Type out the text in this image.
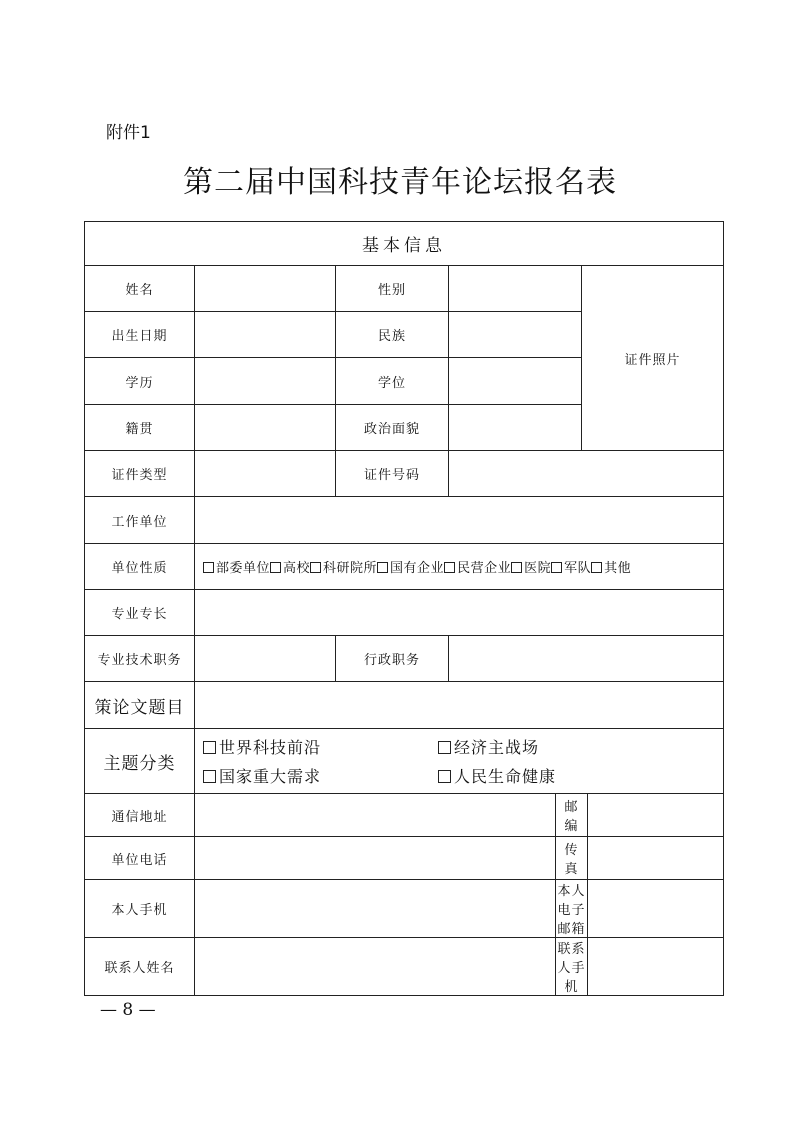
附件1
第二届中国科技青年论坛报名表
基本信息						
姓名		性别			证件照片	
出生日期		民族				
学历		学位				
籍贯		政治面貌				
证件类型		证件号码				
工作单位						
单位性质	部委单位 高校 科研院所 国有企业 民营企业 医院 军队 其他					
专业专长						
专业技术职务		行政职务				
策论文题目						
主题分类	世界科技前沿 经济主战场
国家重大需求 人民生命健康					

通信地址				邮 编		
单位电话				传 真		
本人手机				本人电子邮箱		
联系人姓名				联系人手机		
— 8 —
